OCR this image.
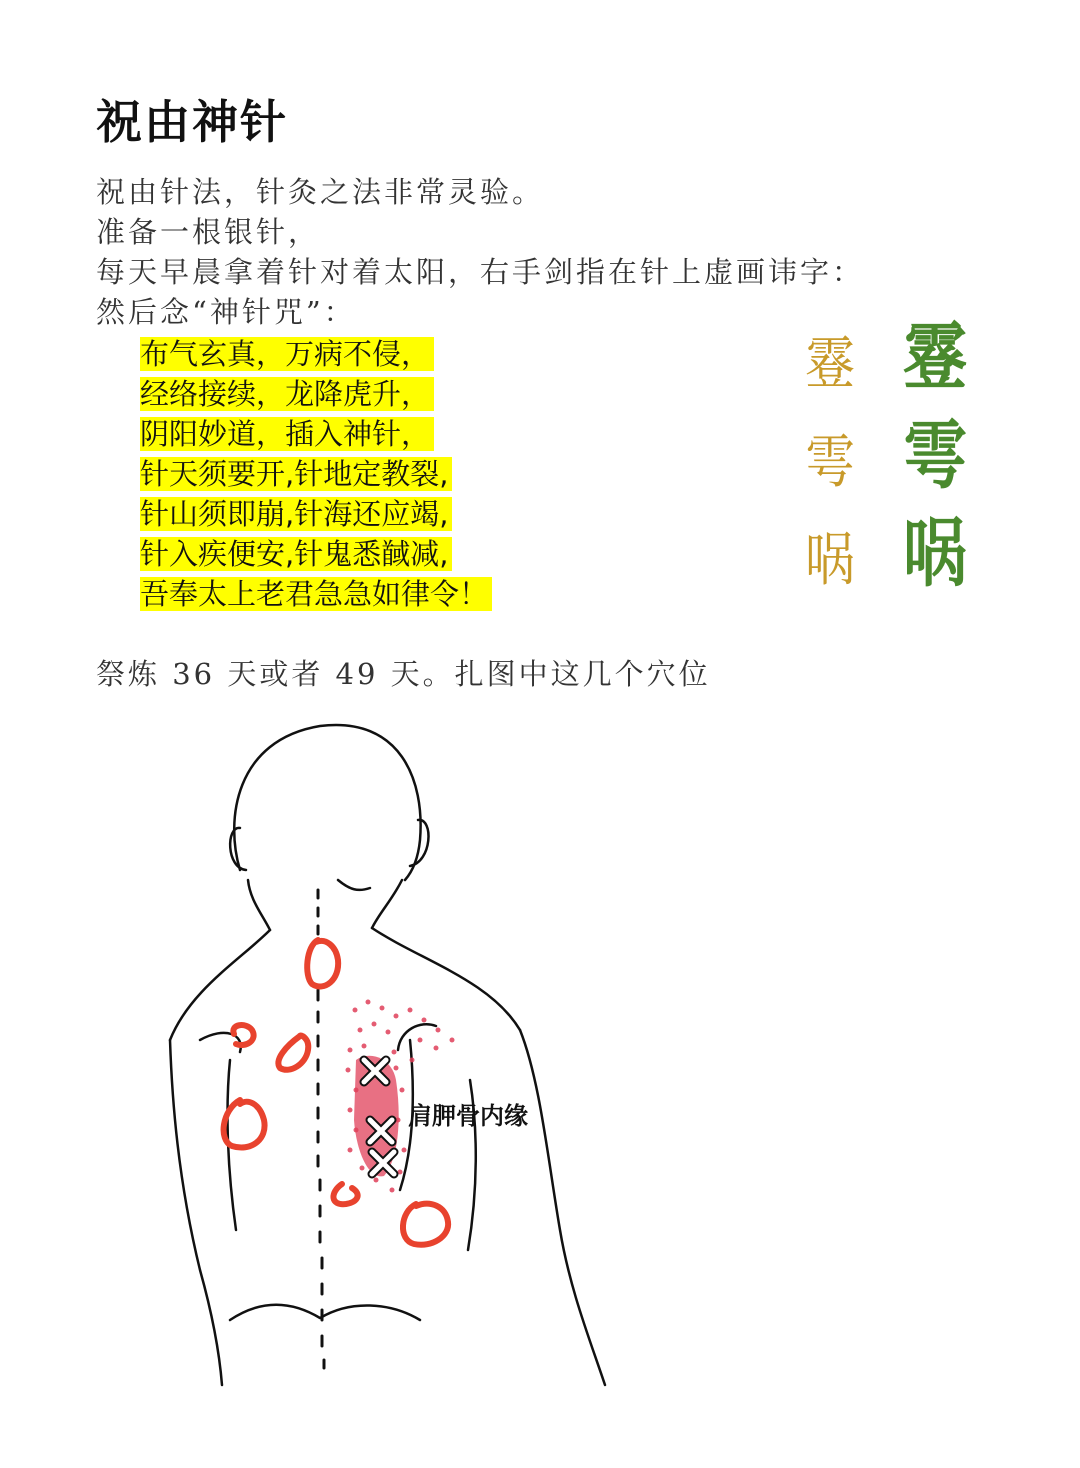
祝由神针
祝由针法，针灸之法非常灵验。
准备一根银针，
每天早晨拿着针对着太阳，右手剑指在针上虚画讳字：
然后念“神针咒”：
布气玄真，万病不侵，
经络接续，龙降虎升，
阴阳妙道，插入神针，
针天须要开,针地定教裂,
针山须即崩,针海还应竭,
针入疾便安,针鬼悉馘减,
吾奉太上老君急急如律令！
霯
雩
㖞
霯
雩
㖞
祭炼 36 天或者 49 天。扎图中这几个穴位
肩胛骨内缘
